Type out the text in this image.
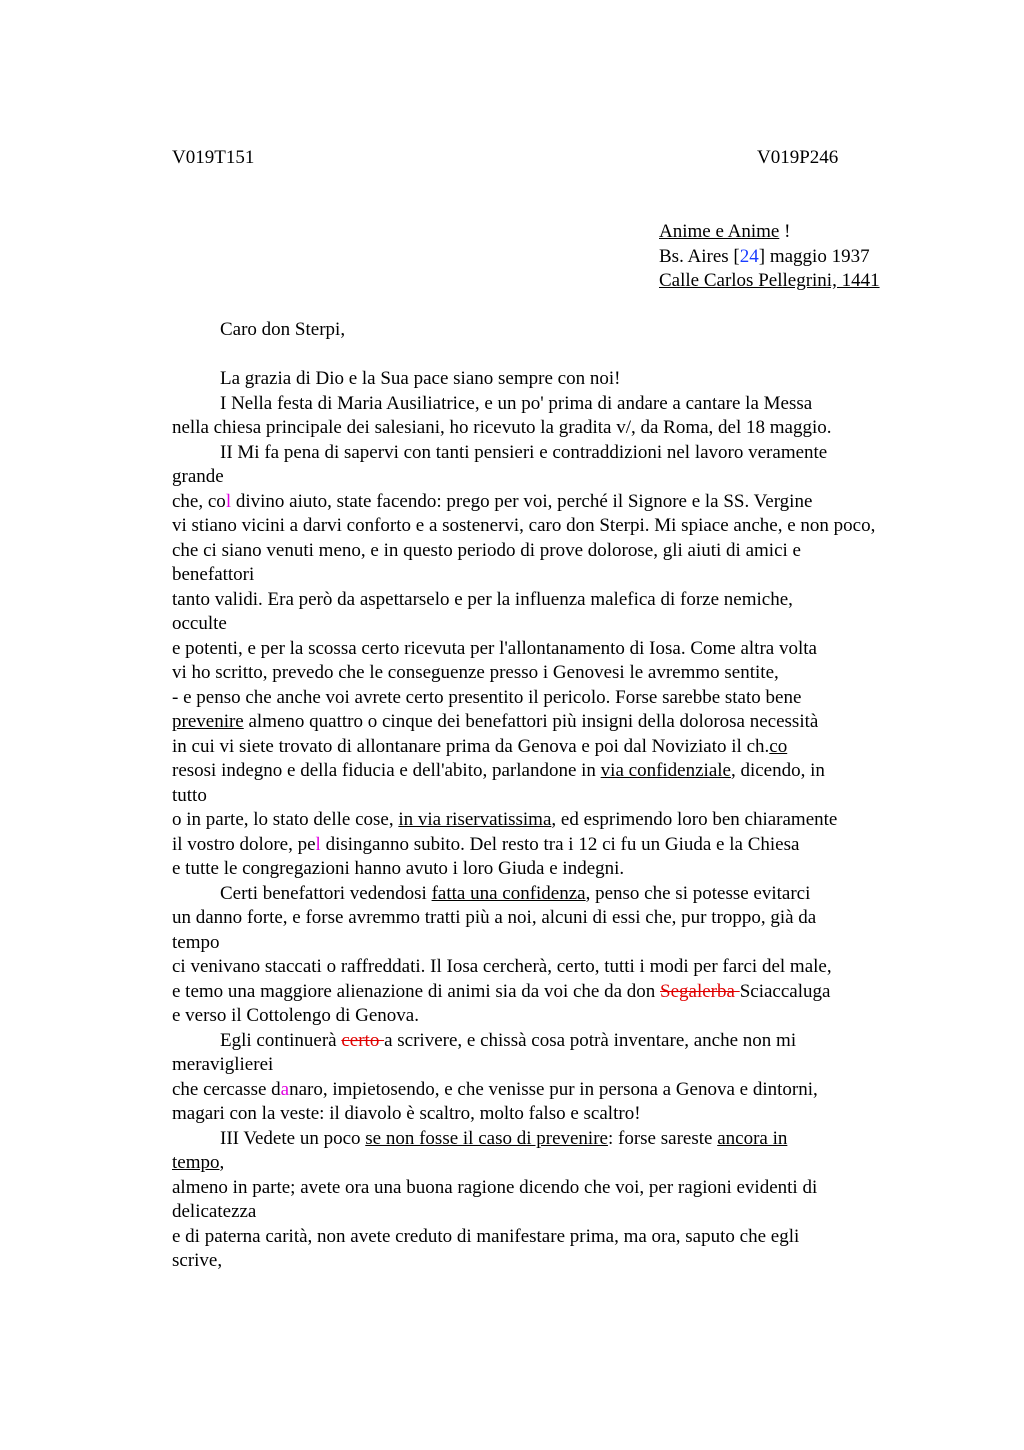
V019T151	V019P246
Anime e Anime !
Bs. Aires [24] maggio 1937
Calle Carlos Pellegrini, 1441
Caro don Sterpi,
La grazia di Dio e la Sua pace siano sempre con noi!
I Nella festa di Maria Ausiliatrice, e un po' prima di andare a cantare la Messa
nella chiesa principale dei salesiani, ho ricevuto la gradita v/, da Roma, del 18 maggio.
II Mi fa pena di sapervi con tanti pensieri e contraddizioni nel lavoro veramente
grande
che, col divino aiuto, state facendo: prego per voi, perché il Signore e la SS. Vergine
vi stiano vicini a darvi conforto e a sostenervi, caro don Sterpi. Mi spiace anche, e non poco,
che ci siano venuti meno, e in questo periodo di prove dolorose, gli aiuti di amici e
benefattori
tanto validi. Era però da aspettarselo e per la influenza malefica di forze nemiche,
occulte
e potenti, e per la scossa certo ricevuta per l'allontanamento di Iosa. Come altra volta
vi ho scritto, prevedo che le conseguenze presso i Genovesi le avremmo sentite,
- e penso che anche voi avrete certo presentito il pericolo. Forse sarebbe stato bene
prevenire almeno quattro o cinque dei benefattori più insigni della dolorosa necessità
in cui vi siete trovato di allontanare prima da Genova e poi dal Noviziato il ch.co
resosi indegno e della fiducia e dell'abito, parlandone in via confidenziale, dicendo, in
tutto
o in parte, lo stato delle cose, in via riservatissima, ed esprimendo loro ben chiaramente
il vostro dolore, pel disinganno subito. Del resto tra i 12 ci fu un Giuda e la Chiesa
e tutte le congregazioni hanno avuto i loro Giuda e indegni.
Certi benefattori vedendosi fatta una confidenza, penso che si potesse evitarci
un danno forte, e forse avremmo tratti più a noi, alcuni di essi che, pur troppo, già da
tempo
ci venivano staccati o raffreddati. Il Iosa cercherà, certo, tutti i modi per farci del male,
e temo una maggiore alienazione di animi sia da voi che da don Segalerba Sciaccaluga
e verso il Cottolengo di Genova.
Egli continuerà certo a scrivere, e chissà cosa potrà inventare, anche non mi
meraviglierei
che cercasse danaro, impietosendo, e che venisse pur in persona a Genova e dintorni,
magari con la veste: il diavolo è scaltro, molto falso e scaltro!
III Vedete un poco se non fosse il caso di prevenire: forse sareste ancora in
tempo,
almeno in parte; avete ora una buona ragione dicendo che voi, per ragioni evidenti di
delicatezza
e di paterna carità, non avete creduto di manifestare prima, ma ora, saputo che egli
scrive,
